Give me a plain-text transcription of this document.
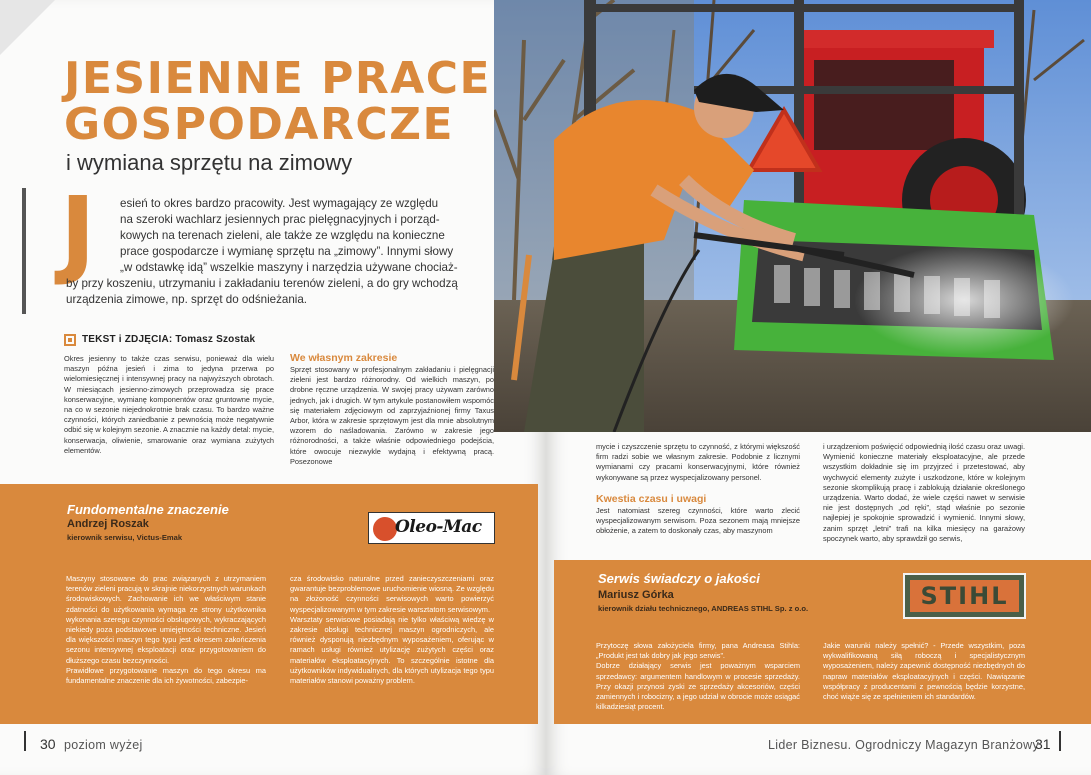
JESIENNE PRACE
GOSPODARCZE
i wymiana sprzętu na zimowy
J	esień to okres bardzo pracowity. Jest wymagający ze względu
na szeroki wachlarz jesiennych prac pielęgnacyjnych i porząd-
kowych na terenach zieleni, ale także ze względu na konieczne
prace gospodarcze i wymianę sprzętu na „zimowy”. Innymi słowy
„w odstawkę idą” wszelkie maszyny i narzędzia używane chociaż-
by przy koszeniu, utrzymaniu i zakładaniu terenów zieleni, a do gry wchodzą
urządzenia zimowe, np. sprzęt do odśnieżania.
TEKST i ZDJĘCIA: Tomasz Szostak

Okres jesienny to także czas serwisu, ponieważ dla wielu maszyn późna jesień i zima to jedyna przerwa po wielomiesięcznej i intensywnej pracy na najwyższych obrotach. W miesiącach jesienno-zimowych przeprowadza się prace konserwacyjne, wymianę komponentów oraz gruntowne mycie, na co w sezonie niejednokrotnie brak czasu. To bardzo ważne czynności, których zaniedbanie z pewnością może negatywnie odbić się w kolejnym sezonie. A znacznie na każdy detal: mycie, konserwacja, oliwienie, smarowanie oraz wymiana zużytych elementów.

We własnym zakresie

Sprzęt stosowany w profesjonalnym zakładaniu i pielęgnacji zieleni jest bardzo różnorodny. Od wielkich maszyn, po drobne ręczne urządzenia. W swojej pracy używam zarówno jednych, jak i drugich. W tym artykule postanowiłem wspomóc się materiałem zdjęciowym od zaprzyjaźnionej firmy Taxus Arbor, która w zakresie sprzętowym jest dla mnie absolutnym wzorem do naśladowania. Zarówno w zakresie jego różnorodności, a także właśnie odpowiedniego podejścia, które owocuje niezwykle wydajną i efektywną pracą. Posezonowe

Fundomentalne znaczenie
Andrzej Roszak
kierownik serwisu, Victus-Emak
Oleo-Mac

Maszyny stosowane do prac związanych z utrzymaniem terenów zieleni pracują w skrajnie niekorzystnych warunkach środowiskowych. Zachowanie ich we właściwym stanie zdatności do użytkowania wymaga ze strony użytkownika wykonania szeregu czynności obsługowych, wykraczających niekiedy poza podstawowe umiejętności techniczne. Jesień dla większości maszyn tego typu jest okresem zakończenia sezonu intensywnej eksploatacji oraz przygotowaniem do dłuższego czasu bezczynności.
Prawidłowe przygotowanie maszyn do tego okresu ma fundamentalne znaczenie dla ich żywotności, zabezpie-

cza środowisko naturalne przed zanieczyszczeniami oraz gwarantuje bezproblemowe uruchomienie wiosną. Ze względu na złożoność czynności serwisowych warto powierzyć wyspecjalizowanym w tym zakresie warsztatom serwisowym.
Warsztaty serwisowe posiadają nie tylko właściwą wiedzę w zakresie obsługi technicznej maszyn ogrodniczych, ale również dysponują niezbędnym wyposażeniem, oferując w ramach usługi również utylizację zużytych części oraz materiałów eksploatacyjnych. To szczególnie istotne dla użytkowników indywidualnych, dla których utylizacja tego typu materiałów stanowi poważny problem.

30 poziom wyżej

mycie i czyszczenie sprzętu to czynność, z którymi większość firm radzi sobie we własnym zakresie. Podobnie z licznymi wymianami czy pracami konserwacyjnymi, które również wykonywane są przez wyspecjalizowany personel.

Kwestia czasu i uwagi

Jest natomiast szereg czynności, które warto zlecić wyspecjalizowanym serwisom. Poza sezonem mają mniejsze obłożenie, a zatem to doskonały czas, aby maszynom

i urządzeniom poświęcić odpowiednią ilość czasu oraz uwagi. Wymienić konieczne materiały eksploatacyjne, ale przede wszystkim dokładnie się im przyjrzeć i przetestować, aby wychwycić elementy zużyte i uszkodzone, które w kolejnym sezonie skomplikują pracę i zablokują działanie określonego urządzenia. Warto dodać, że wiele części nawet w serwisie nie jest dostępnych „od ręki”, stąd właśnie po sezonie najlepiej je spokojnie sprowadzić i wymienić. Innymi słowy, zanim sprzęt „letni” trafi na kilka miesięcy na garażowy spoczynek warto, aby sprawdził go serwis,

Serwis świadczy o jakości
Mariusz Górka
kierownik działu technicznego, ANDREAS STIHL Sp. z o.o.

Przytoczę słowa założyciela firmy, pana Andreasa Stihla: „Produkt jest tak dobry jak jego serwis”.
Dobrze działający serwis jest poważnym wsparciem sprzedawcy: argumentem handlowym w procesie sprzedaży. Przy okazji przynosi zyski ze sprzedaży akcesoriów, części zamiennych i robocizny, a jego udział w obrocie może osiągać kilkadziesiąt procent.

Jakie warunki należy spełnić? - Przede wszystkim, poza wykwalifikowaną siłą roboczą i specjalistycznym wyposażeniem, należy zapewnić dostępność niezbędnych do napraw materiałów eksploatacyjnych i części. Nawiązanie współpracy z producentami z pewnością będzie korzystne, choć wiąże się ze spełnieniem ich standardów.

Lider Biznesu. Ogrodniczy Magazyn Branżowy
31
STIHL
